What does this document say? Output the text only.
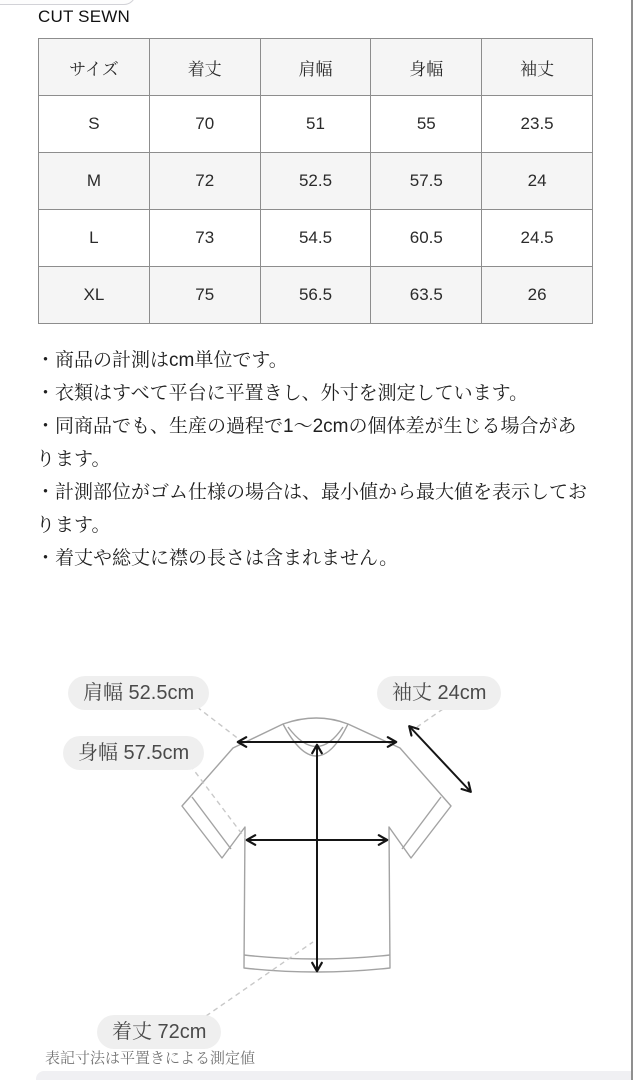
CUT SEWN
サイズ	着丈	肩幅	身幅	袖丈
S	70	51	55	23.5
M	72	52.5	57.5	24
L	73	54.5	60.5	24.5
XL	75	56.5	63.5	26
・商品の計測はcm単位です。
・衣類はすべて平台に平置きし、外寸を測定しています。
・同商品でも、生産の過程で1〜2cmの個体差が生じる場合があります。
・計測部位がゴム仕様の場合は、最小値から最大値を表示しております。
・着丈や総丈に襟の長さは含まれません。
肩幅 52.5cm	袖丈 24cm
身幅 57.5cm
着丈 72cm
表記寸法は平置きによる測定値
